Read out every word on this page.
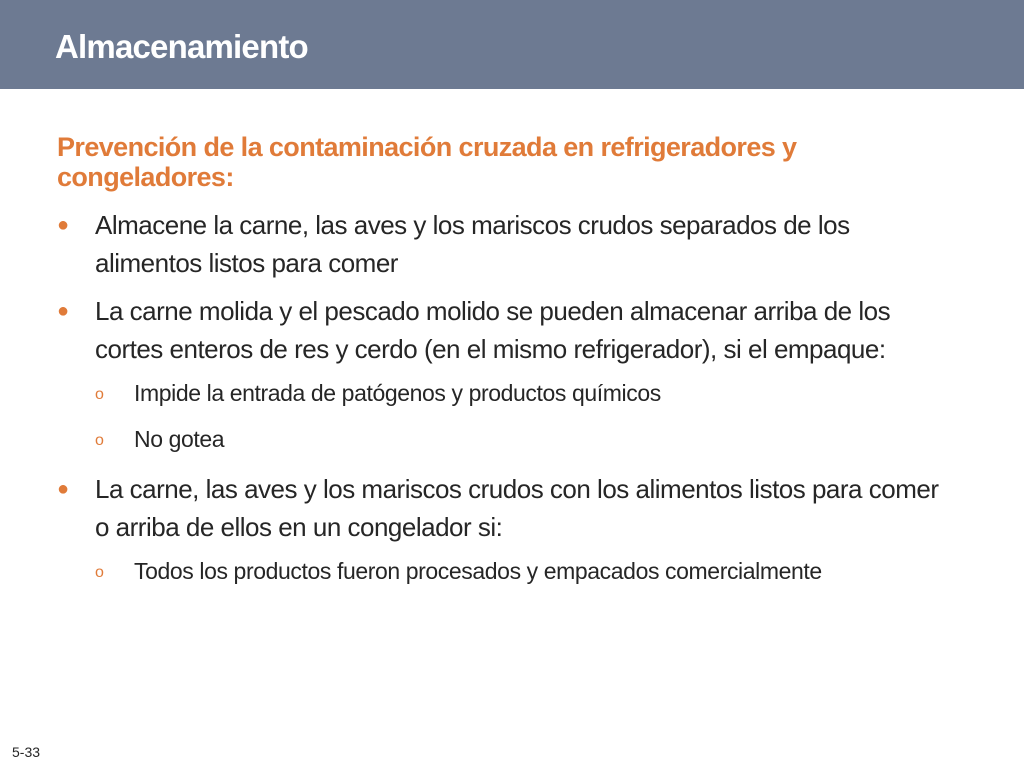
Almacenamiento
Prevención de la contaminación cruzada en refrigeradores y congeladores:
● Almacene la carne, las aves y los mariscos crudos separados de los alimentos listos para comer
● La carne molida y el pescado molido se pueden almacenar arriba de los cortes enteros de res y cerdo (en el mismo refrigerador), si el empaque:
o Impide la entrada de patógenos y productos químicos
o No gotea
● La carne, las aves y los mariscos crudos con los alimentos listos para comer o arriba de ellos en un congelador si:
o Todos los productos fueron procesados y empacados comercialmente
5-33
